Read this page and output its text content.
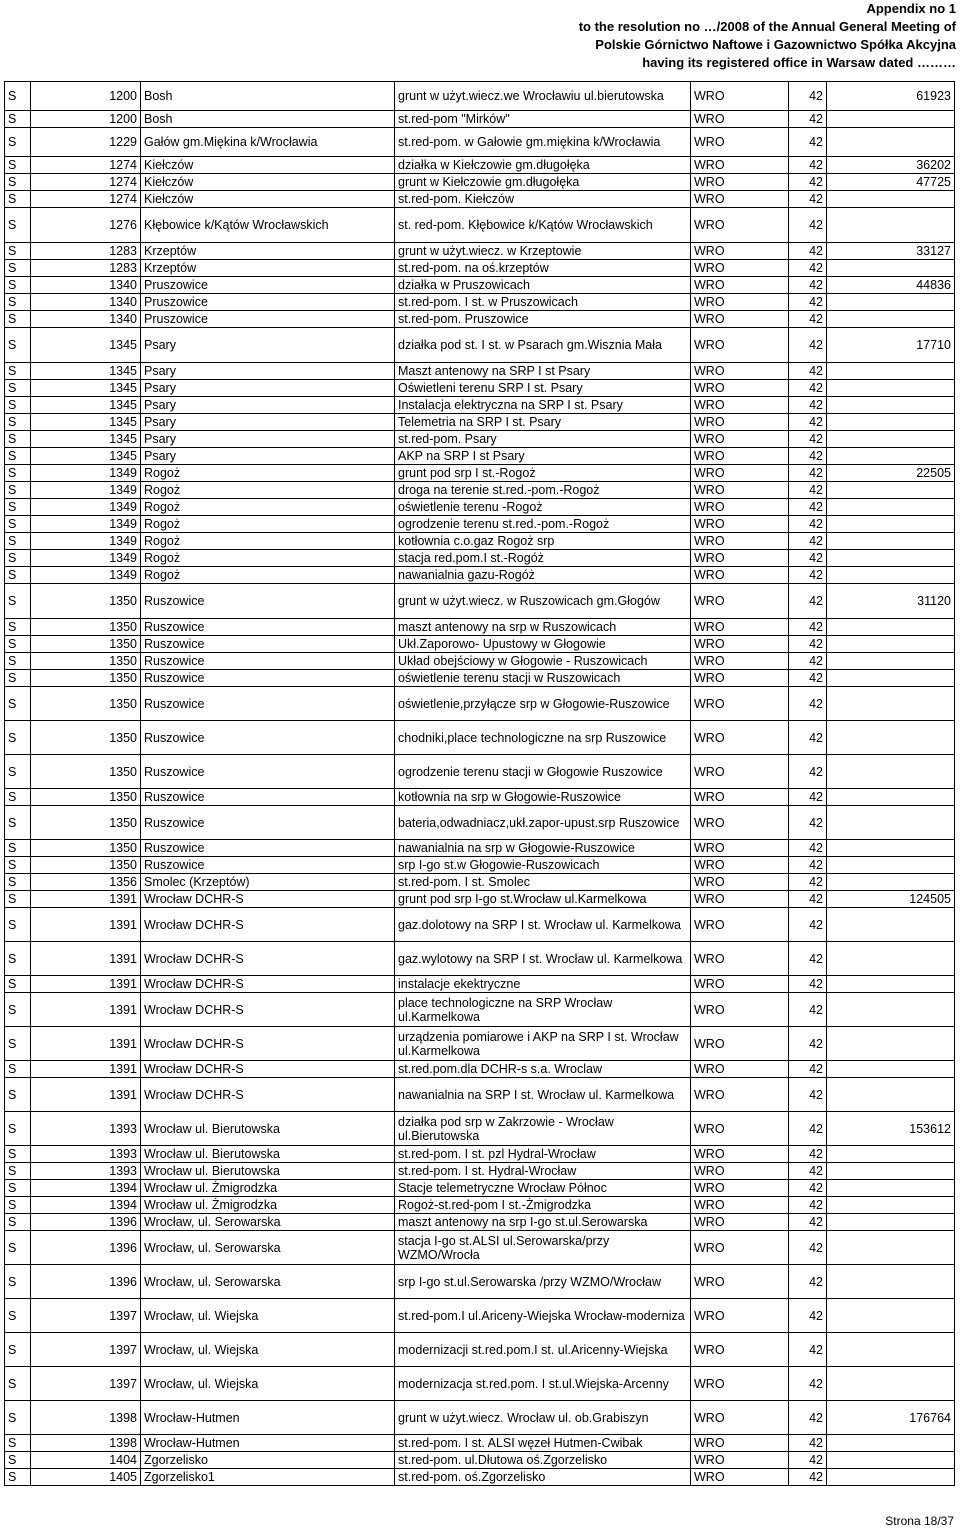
Appendix no 1
to the resolution no …/2008 of the Annual General Meeting of
Polskie Górnictwo Naftowe i Gazownictwo Spółka Akcyjna
having its registered office in Warsaw dated ………
S	1200	Bosh	grunt w użyt.wiecz.we Wrocławiu ul.bierutowska	WRO	42	61923
S	1200	Bosh	st.red-pom "Mirków"	WRO	42	
S	1229	Gałów gm.Miękina k/Wrocławia	st.red-pom. w Gałowie gm.miękina k/Wrocławia	WRO	42	
S	1274	Kiełczów	działka w Kiełczowie gm.długołęka	WRO	42	36202
S	1274	Kiełczów	grunt w Kiełczowie gm.długołęka	WRO	42	47725
S	1274	Kiełczów	st.red-pom. Kiełczów	WRO	42	
S	1276	Kłębowice k/Kątów Wrocławskich	st. red-pom. Kłębowice k/Kątów Wrocławskich	WRO	42	
S	1283	Krzeptów	grunt w użyt.wiecz. w Krzeptowie	WRO	42	33127
S	1283	Krzeptów	st.red-pom. na oś.krzeptów	WRO	42	
S	1340	Pruszowice	działka w Pruszowicach	WRO	42	44836
S	1340	Pruszowice	st.red-pom. I st. w Pruszowicach	WRO	42	
S	1340	Pruszowice	st.red-pom. Pruszowice	WRO	42	
S	1345	Psary	działka pod st. I st. w Psarach gm.Wisznia Mała	WRO	42	17710
S	1345	Psary	Maszt antenowy na SRP I st Psary	WRO	42	
S	1345	Psary	Oświetleni terenu SRP I st. Psary	WRO	42	
S	1345	Psary	Instalacja elektryczna na SRP I st. Psary	WRO	42	
S	1345	Psary	Telemetria na SRP I st. Psary	WRO	42	
S	1345	Psary	st.red-pom. Psary	WRO	42	
S	1345	Psary	AKP na SRP I st Psary	WRO	42	
S	1349	Rogoż	grunt pod srp I st.-Rogoż	WRO	42	22505
S	1349	Rogoż	droga na terenie st.red.-pom.-Rogoż	WRO	42	
S	1349	Rogoż	oświetlenie terenu -Rogoż	WRO	42	
S	1349	Rogoż	ogrodzenie terenu st.red.-pom.-Rogoż	WRO	42	
S	1349	Rogoż	kotłownia c.o.gaz Rogoż srp	WRO	42	
S	1349	Rogoż	stacja red.pom.I st.-Rogóż	WRO	42	
S	1349	Rogoż	nawanialnia gazu-Rogóż	WRO	42	
S	1350	Ruszowice	grunt w użyt.wiecz. w Ruszowicach gm.Głogów	WRO	42	31120
S	1350	Ruszowice	maszt antenowy na srp w Ruszowicach	WRO	42	
S	1350	Ruszowice	Ukł.Zaporowo- Upustowy w Głogowie	WRO	42	
S	1350	Ruszowice	Układ obejściowy w Głogowie - Ruszowicach	WRO	42	
S	1350	Ruszowice	oświetlenie terenu stacji w Ruszowicach	WRO	42	
S	1350	Ruszowice	oświetlenie,przyłącze srp w Głogowie-Ruszowice	WRO	42	
S	1350	Ruszowice	chodniki,place technologiczne na srp Ruszowice	WRO	42	
S	1350	Ruszowice	ogrodzenie terenu stacji w Głogowie Ruszowice	WRO	42	
S	1350	Ruszowice	kotłownia na srp w Głogowie-Ruszowice	WRO	42	
S	1350	Ruszowice	bateria,odwadniacz,ukł.zapor-upust.srp Ruszowice	WRO	42	
S	1350	Ruszowice	nawanialnia na srp w Głogowie-Ruszowice	WRO	42	
S	1350	Ruszowice	srp I-go st.w Głogowie-Ruszowicach	WRO	42	
S	1356	Smolec (Krzeptów)	st.red-pom. I st. Smolec	WRO	42	
S	1391	Wrocław DCHR-S	grunt pod srp I-go st.Wrocław ul.Karmelkowa	WRO	42	124505
S	1391	Wrocław DCHR-S	gaz.dolotowy na SRP I st. Wrocław ul. Karmelkowa	WRO	42	
S	1391	Wrocław DCHR-S	gaz.wylotowy na SRP I st. Wrocław ul. Karmelkowa	WRO	42	
S	1391	Wrocław DCHR-S	instalacje ekektryczne	WRO	42	
S	1391	Wrocław DCHR-S	place technologiczne na SRP Wrocław ul.Karmelkowa	WRO	42	
S	1391	Wrocław DCHR-S	urządzenia pomiarowe i AKP na SRP I st. Wrocław ul.Karmelkowa	WRO	42	
S	1391	Wrocław DCHR-S	st.red.pom.dla DCHR-s s.a. Wroclaw	WRO	42	
S	1391	Wrocław DCHR-S	nawanialnia na SRP I st. Wrocław ul. Karmelkowa	WRO	42	
S	1393	Wrocław ul. Bierutowska	działka pod srp w Zakrzowie - Wrocław ul.Bierutowska	WRO	42	153612
S	1393	Wrocław ul. Bierutowska	st.red-pom. I st. pzl Hydral-Wrocław	WRO	42	
S	1393	Wrocław ul. Bierutowska	st.red-pom. I st. Hydral-Wrocław	WRO	42	
S	1394	Wrocław ul. Żmigrodzka	Stacje telemetryczne Wrocław Północ	WRO	42	
S	1394	Wrocław ul. Żmigrodzka	Rogoż-st.red-pom I st.-Żmigrodzka	WRO	42	
S	1396	Wrocław, ul. Serowarska	maszt antenowy na srp I-go st.ul.Serowarska	WRO	42	
S	1396	Wrocław, ul. Serowarska	stacja I-go st.ALSI ul.Serowarska/przy WZMO/Wrocła	WRO	42	
S	1396	Wrocław, ul. Serowarska	srp I-go st.ul.Serowarska /przy WZMO/Wrocław	WRO	42	
S	1397	Wrocław, ul. Wiejska	st.red-pom.I ul.Ariceny-Wiejska Wrocław-moderniza	WRO	42	
S	1397	Wrocław, ul. Wiejska	modernizacji st.red.pom.I st. ul.Aricenny-Wiejska	WRO	42	
S	1397	Wrocław, ul. Wiejska	modernizacja st.red.pom. I st.ul.Wiejska-Arcenny	WRO	42	
S	1398	Wrocław-Hutmen	grunt w użyt.wiecz. Wrocław ul. ob.Grabiszyn	WRO	42	176764
S	1398	Wrocław-Hutmen	st.red-pom. I st. ALSI węzeł Hutmen-Cwibak	WRO	42	
S	1404	Zgorzelisko	st.red-pom. ul.Dłutowa oś.Zgorzelisko	WRO	42	
S	1405	Zgorzelisko1	st.red-pom. oś.Zgorzelisko	WRO	42	
Strona 18/37
